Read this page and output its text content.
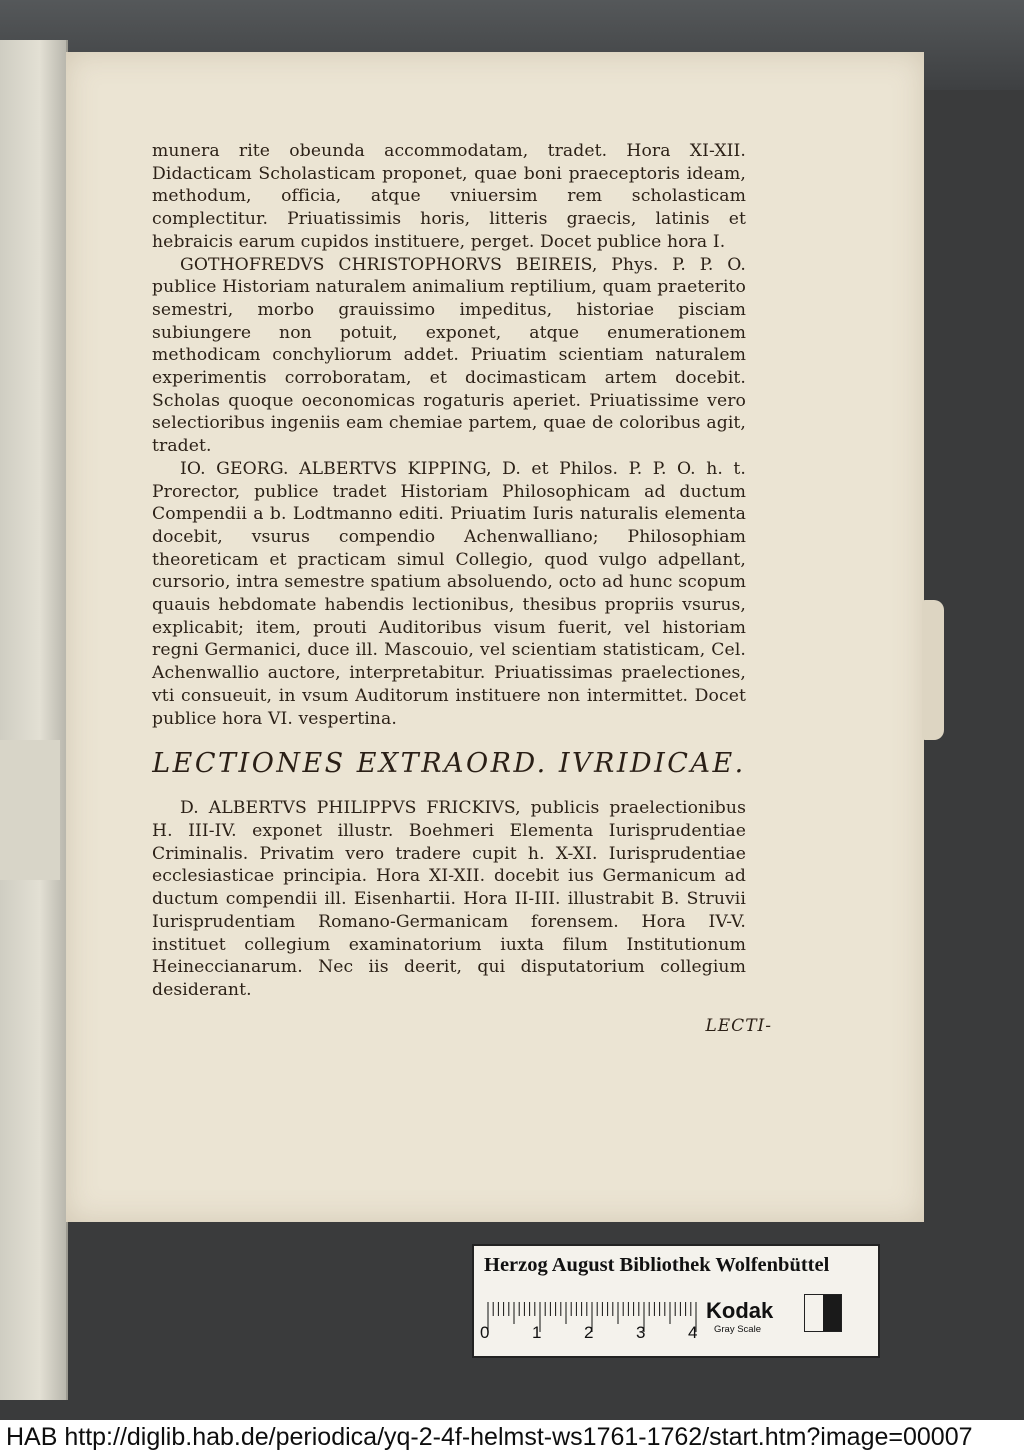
munera rite obeunda accommodatam, tradet. Hora XI-XII. Didacticam Scholasticam proponet, quae boni praeceptoris ideam, methodum, officia, atque vniuersim rem scholasticam complectitur. Priuatissimis horis, litteris graecis, latinis et hebraicis earum cupidos instituere, perget. Docet publice hora I.

GOTHOFREDVS CHRISTOPHORVS BEIREIS, Phys. P. P. O. publice Historiam naturalem animalium reptilium, quam praeterito semestri, morbo grauissimo impeditus, historiae pisciam subiungere non potuit, exponet, atque enumerationem methodicam conchyliorum addet. Priuatim scientiam naturalem experimentis corroboratam, et docimasticam artem docebit. Scholas quoque oeconomicas rogaturis aperiet. Priuatissime vero selectioribus ingeniis eam chemiae partem, quae de coloribus agit, tradet.

IO. GEORG. ALBERTVS KIPPING, D. et Philos. P. P. O. h. t. Prorector, publice tradet Historiam Philosophicam ad ductum Compendii a b. Lodtmanno editi. Priuatim Iuris naturalis elementa docebit, vsurus compendio Achenwalliano; Philosophiam theoreticam et practicam simul Collegio, quod vulgo adpellant, cursorio, intra semestre spatium absoluendo, octo ad hunc scopum quauis hebdomate habendis lectionibus, thesibus propriis vsurus, explicabit; item, prouti Auditoribus visum fuerit, vel historiam regni Germanici, duce ill. Mascouio, vel scientiam statisticam, Cel. Achenwallio auctore, interpretabitur. Priuatissimas praelectiones, vti consueuit, in vsum Auditorum instituere non intermittet. Docet publice hora VI. vespertina.

LECTIONES EXTRAORD. IVRIDICAE.

D. ALBERTVS PHILIPPVS FRICKIVS, publicis praelectionibus H. III-IV. exponet illustr. Boehmeri Elementa Iurisprudentiae Criminalis. Privatim vero tradere cupit h. X-XI. Iurisprudentiae ecclesiasticae principia. Hora XI-XII. docebit ius Germanicum ad ductum compendii ill. Eisenhartii. Hora II-III. illustrabit B. Struvii Iurisprudentiam Romano-Germanicam forensem. Hora IV-V. instituet collegium examinatorium iuxta filum Institutionum Heineccianarum. Nec iis deerit, qui disputatorium collegium desiderant.

LECTI-
Herzog August Bibliothek Wolfenbüttel
0	1	2	3	4
Kodak
Gray Scale
HAB http://diglib.hab.de/periodica/yq-2-4f-helmst-ws1761-1762/start.htm?image=00007
